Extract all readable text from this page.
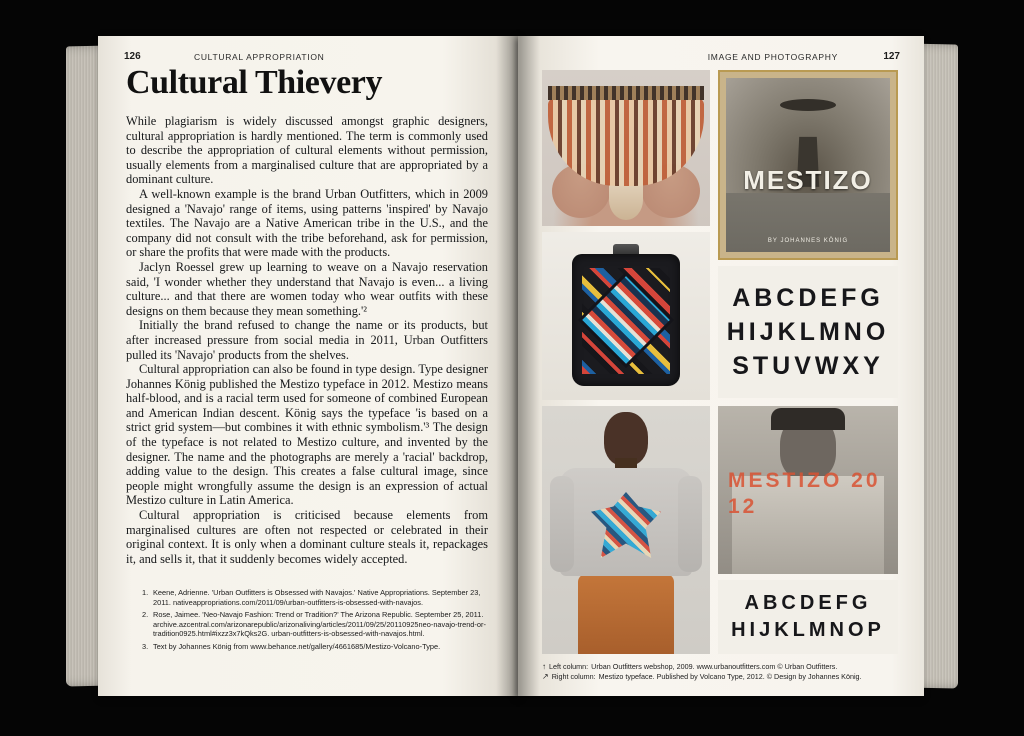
126	CULTURAL APPROPRIATION
Cultural Thievery

While plagiarism is widely discussed amongst graphic designers, cultural appropriation is hardly mentioned. The term is commonly used to describe the appropriation of cultural elements without permission, usually elements from a marginalised culture that are appropriated by a dominant culture.

A well-known example is the brand Urban Outfitters, which in 2009 designed a 'Navajo' range of items, using patterns 'inspired' by Navajo textiles. The Navajo are a Native American tribe in the U.S., and the company did not consult with the tribe beforehand, ask for permission, or share the profits that were made with the products.

Jaclyn Roessel grew up learning to weave on a Navajo reservation said, 'I wonder whether they understand that Navajo is even... a living culture... and that there are women today who wear outfits with these designs on them because they mean something.'²

Initially the brand refused to change the name or its products, but after increased pressure from social media in 2011, Urban Outfitters pulled its 'Navajo' products from the shelves.

Cultural appropriation can also be found in type design. Type designer Johannes König published the Mestizo typeface in 2012. Mestizo means half-blood, and is a racial term used for someone of combined European and American Indian descent. König says the typeface 'is based on a strict grid system—but combines it with ethnic symbolism.'³ The design of the typeface is not related to Mestizo culture, and invented by the designer. The name and the photographs are merely a 'racial' backdrop, adding value to the design. This creates a false cultural image, since people might wrongfully assume the design is an expression of actual Mestizo culture in Latin America.

Cultural appropriation is criticised because elements from marginalised cultures are often not respected or celebrated in their original context. It is only when a dominant culture steals it, repackages it, and sells it, that it suddenly becomes widely accepted.

1. Keene, Adrienne. 'Urban Outfitters is Obsessed with Navajos.' Native Appropriations. September 23, 2011. nativeappropriations.com/2011/09/urban-outfitters-is-obsessed-with-navajos.
2. Rose, Jaimee. 'Neo-Navajo Fashion: Trend or Tradition?' The Arizona Republic. September 25, 2011. archive.azcentral.com/arizonarepublic/arizonaliving/articles/2011/09/25/20110925neo-navajo-trend-or-tradition0925.html#ixzz3x7kQks2G. urban-outfitters-is-obsessed-with-navajos.html.
3. Text by Johannes König from www.behance.net/gallery/4661685/Mestizo-Volcano-Type.
127
IMAGE AND PHOTOGRAPHY
MESTIZO
BY JOHANNES KÖNIG
ABCDEFG
HIJKLMNO
STUVWXY
MESTIZO 2012
ABCDEFG
HIJKLMNOP
↑ Left column: Urban Outfitters webshop, 2009. www.urbanoutfitters.com © Urban Outfitters.
↗ Right column: Mestizo typeface. Published by Volcano Type, 2012. © Design by Johannes König.
